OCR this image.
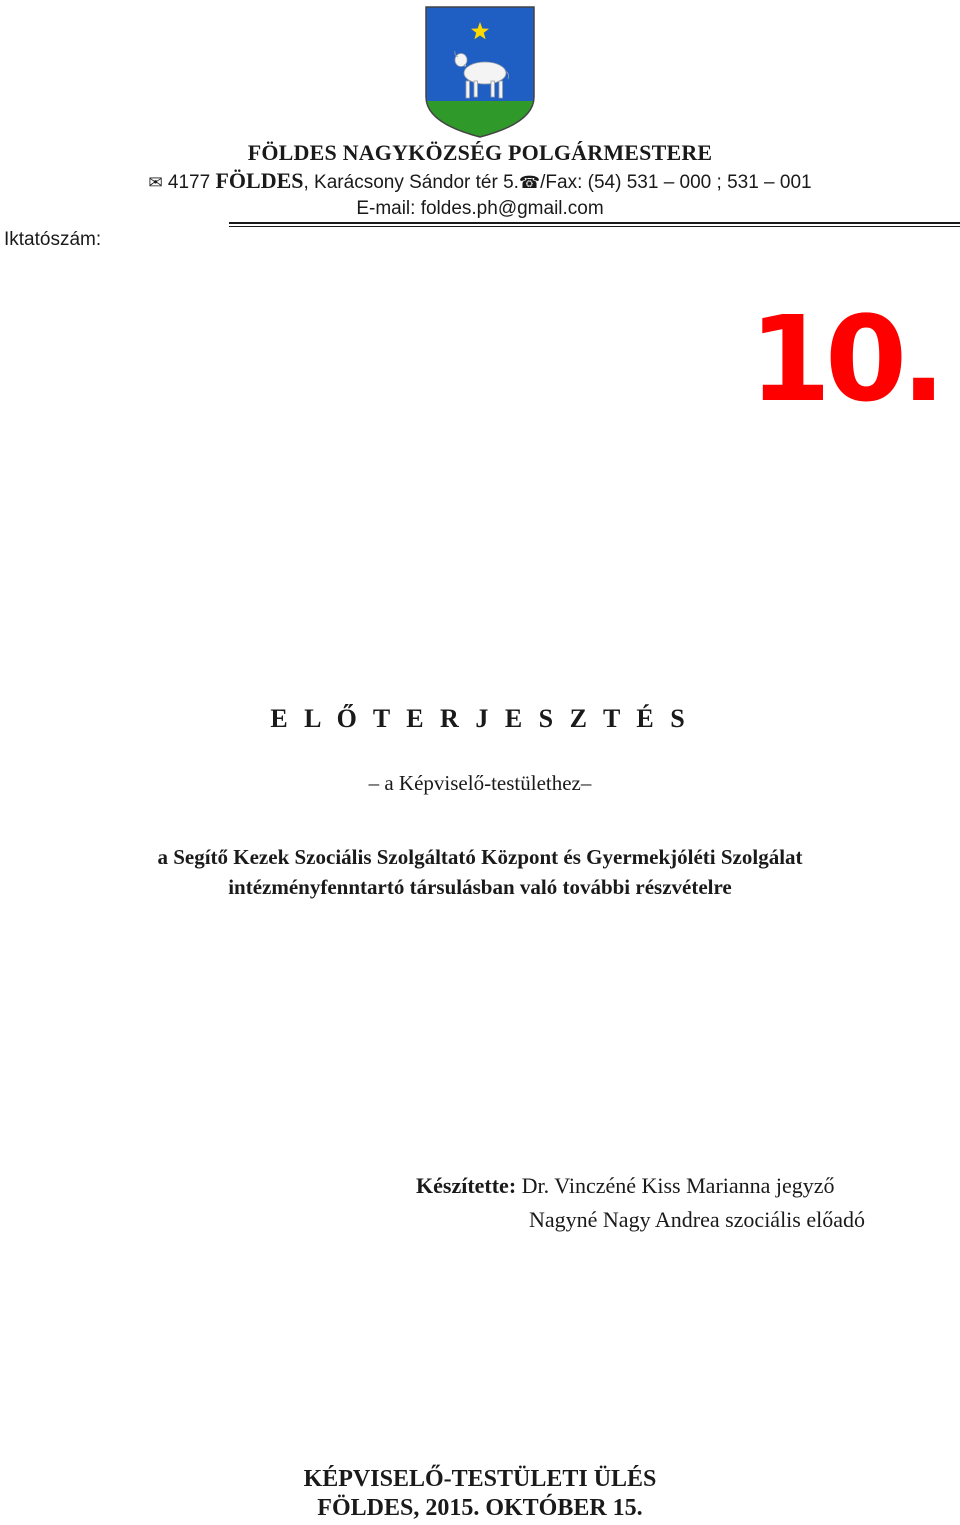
FÖLDES NAGYKÖZSÉG POLGÁRMESTERE
✉ 4177 FÖLDES, Karácsony Sándor tér 5.☎/Fax: (54) 531 – 000 ; 531 – 001
E-mail: foldes.ph@gmail.com
Iktatószám:
10.
E L Ő T E R J E S Z T É S
– a Képviselő-testülethez–
a Segítő Kezek Szociális Szolgáltató Központ és Gyermekjóléti Szolgálat
intézményfenntartó társulásban való további részvételre
Készítette: Dr. Vinczéné Kiss Marianna jegyző
Nagyné Nagy Andrea szociális előadó
KÉPVISELŐ-TESTÜLETI ÜLÉS
FÖLDES, 2015. OKTÓBER 15.
